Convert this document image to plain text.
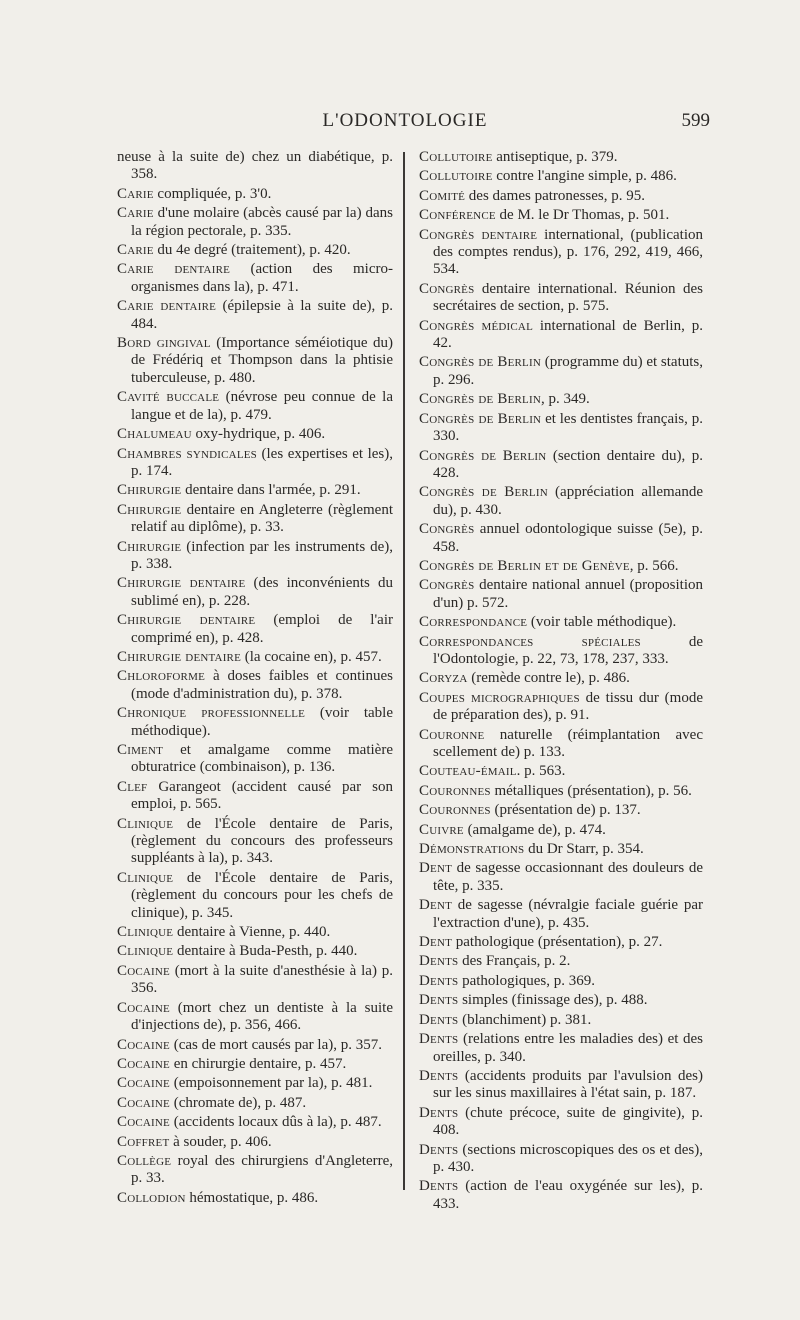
L'ODONTOLOGIE	599

neuse à la suite de) chez un diabétique, p. 358.

Carie compliquée, p. 3'0.

Carie d'une molaire (abcès causé par la) dans la région pectorale, p. 335.

Carie du 4e degré (traitement), p. 420.

Carie dentaire (action des micro-organismes dans la), p. 471.

Carie dentaire (épilepsie à la suite de), p. 484.

Bord gingival (Importance séméiotique du) de Frédériq et Thompson dans la phtisie tuberculeuse, p. 480.

Cavité buccale (névrose peu connue de la langue et de la), p. 479.

Chalumeau oxy-hydrique, p. 406.

Chambres syndicales (les expertises et les), p. 174.

Chirurgie dentaire dans l'armée, p. 291.

Chirurgie dentaire en Angleterre (règlement relatif au diplôme), p. 33.

Chirurgie (infection par les instruments de), p. 338.

Chirurgie dentaire (des inconvénients du sublimé en), p. 228.

Chirurgie dentaire (emploi de l'air comprimé en), p. 428.

Chirurgie dentaire (la cocaine en), p. 457.

Chloroforme à doses faibles et continues (mode d'administration du), p. 378.

Chronique professionnelle (voir table méthodique).

Ciment et amalgame comme matière obturatrice (combinaison), p. 136.

Clef Garangeot (accident causé par son emploi, p. 565.

Clinique de l'École dentaire de Paris, (règlement du concours des professeurs suppléants à la), p. 343.

Clinique de l'École dentaire de Paris, (règlement du concours pour les chefs de clinique), p. 345.

Clinique dentaire à Vienne, p. 440.

Clinique dentaire à Buda-Pesth, p. 440.

Cocaine (mort à la suite d'anesthésie à la) p. 356.

Cocaine (mort chez un dentiste à la suite d'injections de), p. 356, 466.

Cocaine (cas de mort causés par la), p. 357.

Cocaine en chirurgie dentaire, p. 457.

Cocaine (empoisonnement par la), p. 481.

Cocaine (chromate de), p. 487.

Cocaine (accidents locaux dûs à la), p. 487.

Coffret à souder, p. 406.

Collège royal des chirurgiens d'Angleterre, p. 33.

Collodion hémostatique, p. 486.

Collutoire antiseptique, p. 379.

Collutoire contre l'angine simple, p. 486.

Comité des dames patronesses, p. 95.

Conférence de M. le Dr Thomas, p. 501.

Congrès dentaire international, (publication des comptes rendus), p. 176, 292, 419, 466, 534.

Congrès dentaire international. Réunion des secrétaires de section, p. 575.

Congrès médical international de Berlin, p. 42.

Congrès de Berlin (programme du) et statuts, p. 296.

Congrès de Berlin, p. 349.

Congrès de Berlin et les dentistes français, p. 330.

Congrès de Berlin (section dentaire du), p. 428.

Congrès de Berlin (appréciation allemande du), p. 430.

Congrès annuel odontologique suisse (5e), p. 458.

Congrès de Berlin et de Genève, p. 566.

Congrès dentaire national annuel (proposition d'un) p. 572.

Correspondance (voir table méthodique).

Correspondances spéciales de l'Odontologie, p. 22, 73, 178, 237, 333.

Coryza (remède contre le), p. 486.

Coupes micrographiques de tissu dur (mode de préparation des), p. 91.

Couronne naturelle (réimplantation avec scellement de) p. 133.

Couteau-émail. p. 563.

Couronnes métalliques (présentation), p. 56.

Couronnes (présentation de) p. 137.

Cuivre (amalgame de), p. 474.

Démonstrations du Dr Starr, p. 354.

Dent de sagesse occasionnant des douleurs de tête, p. 335.

Dent de sagesse (névralgie faciale guérie par l'extraction d'une), p. 435.

Dent pathologique (présentation), p. 27.

Dents des Français, p. 2.

Dents pathologiques, p. 369.

Dents simples (finissage des), p. 488.

Dents (blanchiment) p. 381.

Dents (relations entre les maladies des) et des oreilles, p. 340.

Dents (accidents produits par l'avulsion des) sur les sinus maxillaires à l'état sain, p. 187.

Dents (chute précoce, suite de gingivite), p. 408.

Dents (sections microscopiques des os et des), p. 430.

Dents (action de l'eau oxygénée sur les), p. 433.
